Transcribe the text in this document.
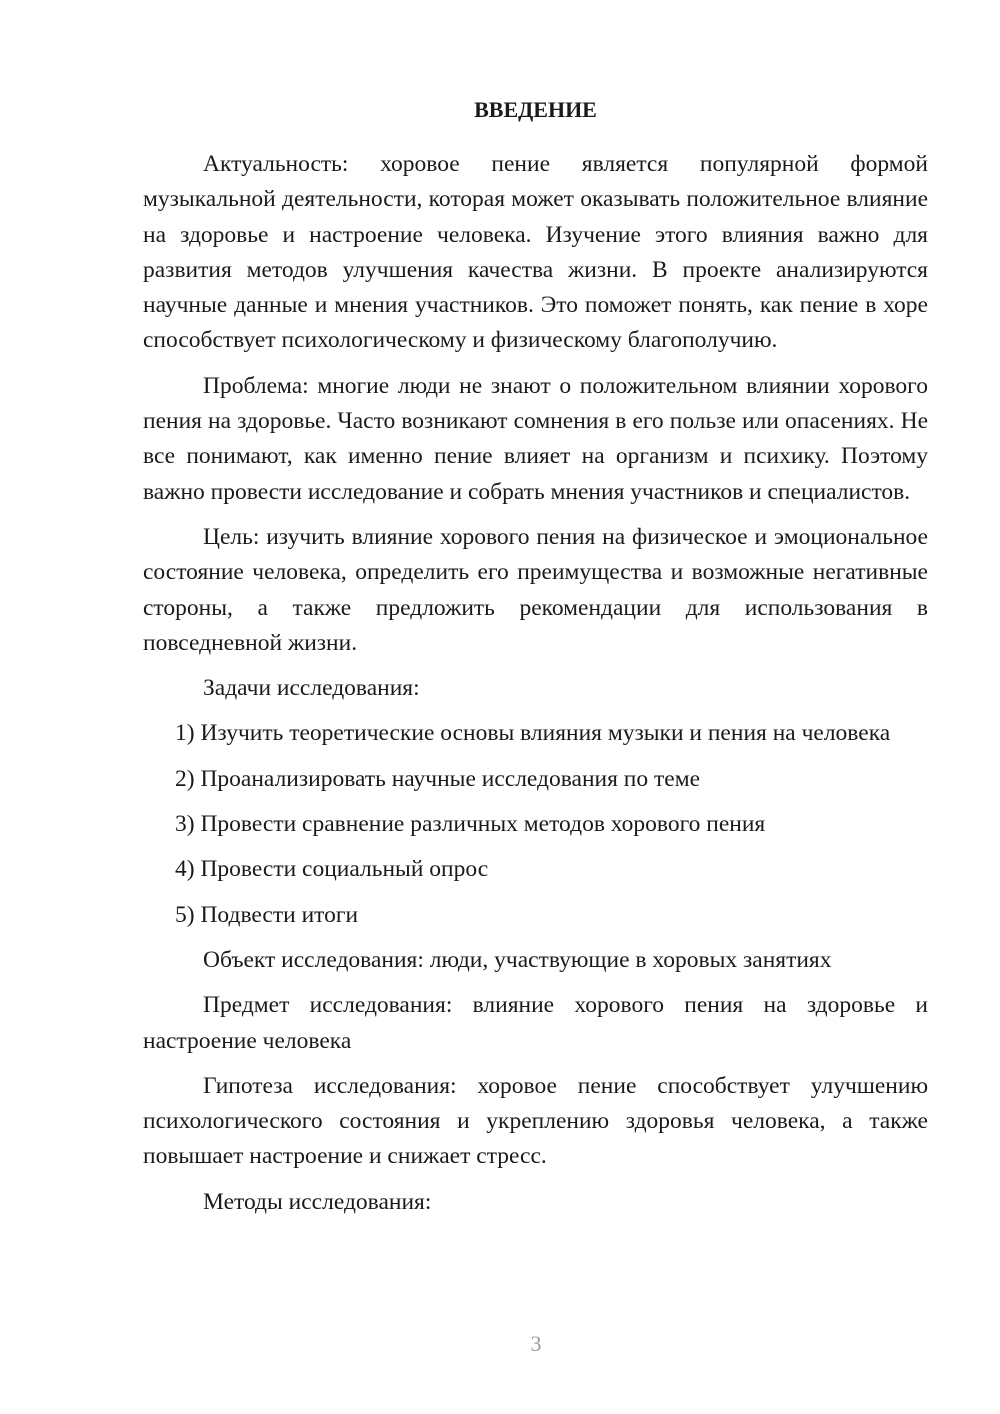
ВВЕДЕНИЕ

Актуальность: хоровое пение является популярной формой музыкальной деятельности, которая может оказывать положительное влияние на здоровье и настроение человека. Изучение этого влияния важно для развития методов улучшения качества жизни. В проекте анализируются научные данные и мнения участников. Это поможет понять, как пение в хоре способствует психологическому и физическому благополучию.

Проблема: многие люди не знают о положительном влиянии хорового пения на здоровье. Часто возникают сомнения в его пользе или опасениях. Не все понимают, как именно пение влияет на организм и психику. Поэтому важно провести исследование и собрать мнения участников и специалистов.

Цель: изучить влияние хорового пения на физическое и эмоциональное состояние человека, определить его преимущества и возможные негативные стороны, а также предложить рекомендации для использования в повседневной жизни.

Задачи исследования:

1) Изучить теоретические основы влияния музыки и пения на человека

2) Проанализировать научные исследования по теме

3) Провести сравнение различных методов хорового пения

4) Провести социальный опрос

5) Подвести итоги

Объект исследования: люди, участвующие в хоровых занятиях

Предмет исследования: влияние хорового пения на здоровье и настроение человека

Гипотеза исследования: хоровое пение способствует улучшению психологического состояния и укреплению здоровья человека, а также повышает настроение и снижает стресс.

Методы исследования:

3
